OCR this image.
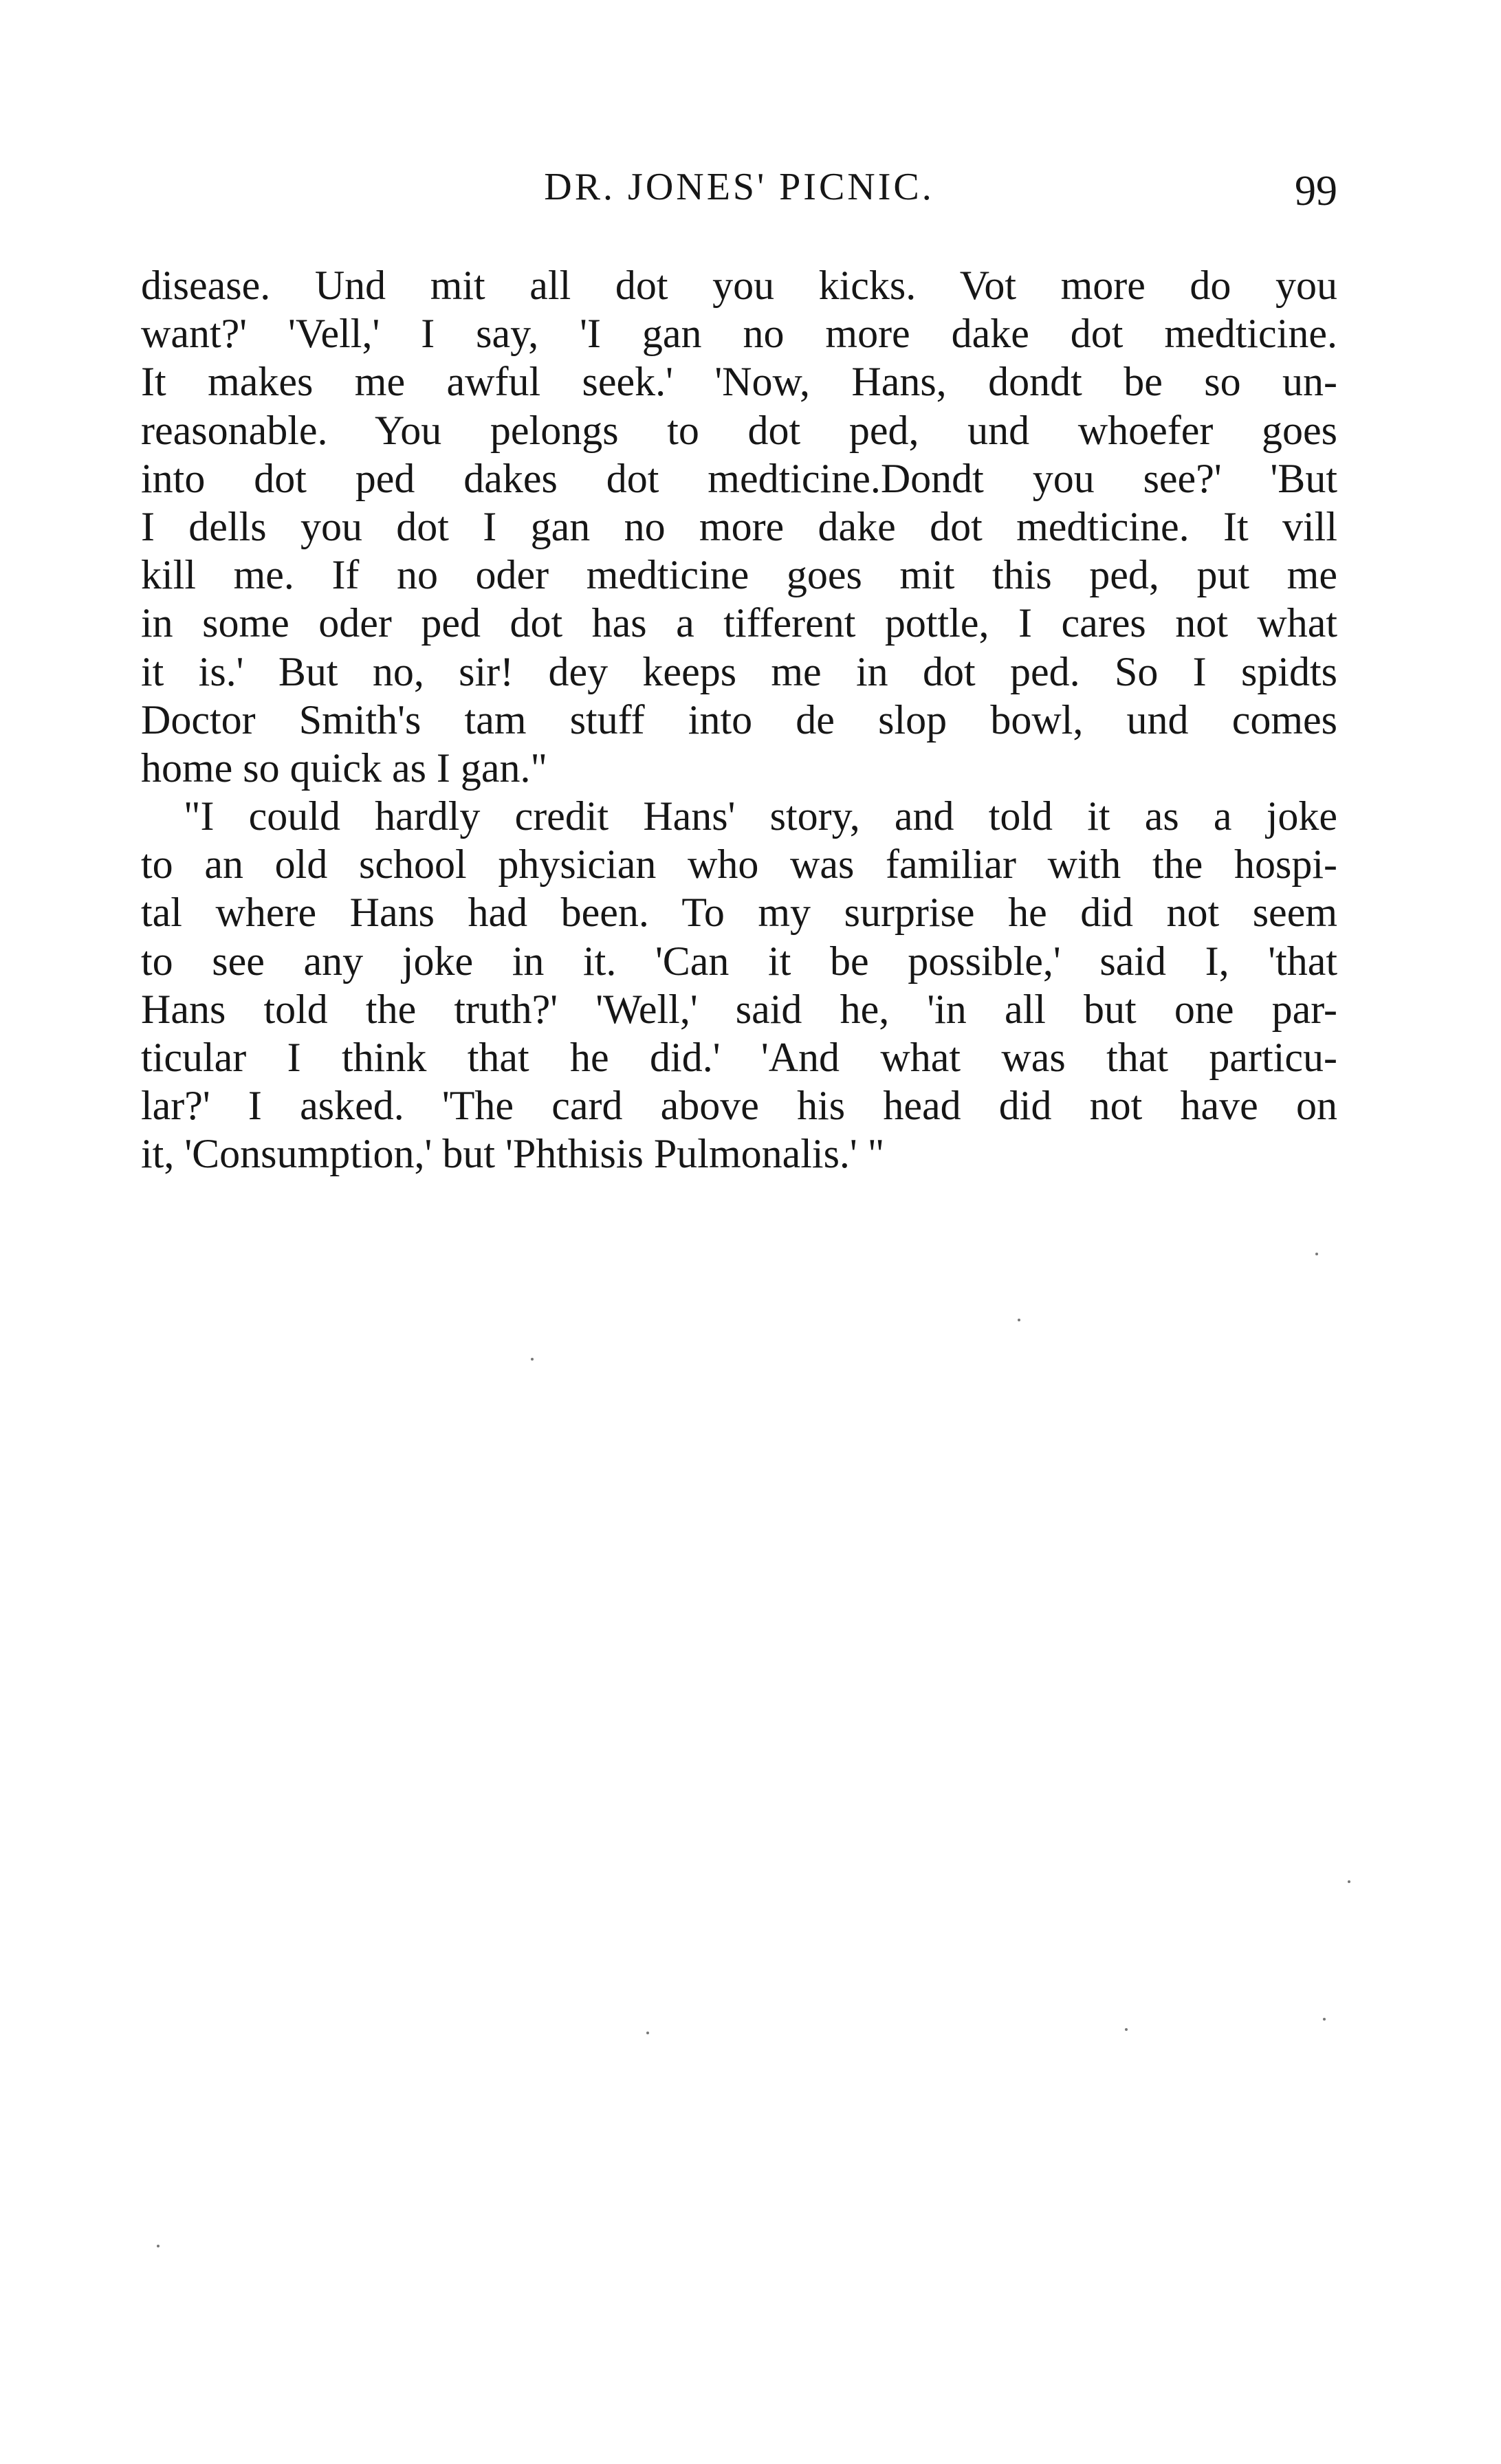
DR. JONES' PICNIC.	99
disease. Und mit all dot you kicks. Vot more do you
want?' 'Vell,' I say, 'I gan no more dake dot medticine.
It makes me awful seek.' 'Now, Hans, dondt be so un-
reasonable. You pelongs to dot ped, und whoefer goes
into dot ped dakes dot medticine.Dondt you see?' 'But
I dells you dot I gan no more dake dot medticine. It vill
kill me. If no oder medticine goes mit this ped, put me
in some oder ped dot has a tifferent pottle, I cares not what
it is.' But no, sir! dey keeps me in dot ped. So I spidts
Doctor Smith's tam stuff into de slop bowl, und comes
home so quick as I gan."
"I could hardly credit Hans' story, and told it as a joke
to an old school physician who was familiar with the hospi-
tal where Hans had been. To my surprise he did not seem
to see any joke in it. 'Can it be possible,' said I, 'that
Hans told the truth?' 'Well,' said he, 'in all but one par-
ticular I think that he did.' 'And what was that particu-
lar?' I asked. 'The card above his head did not have on
it, 'Consumption,' but 'Phthisis Pulmonalis.' "
